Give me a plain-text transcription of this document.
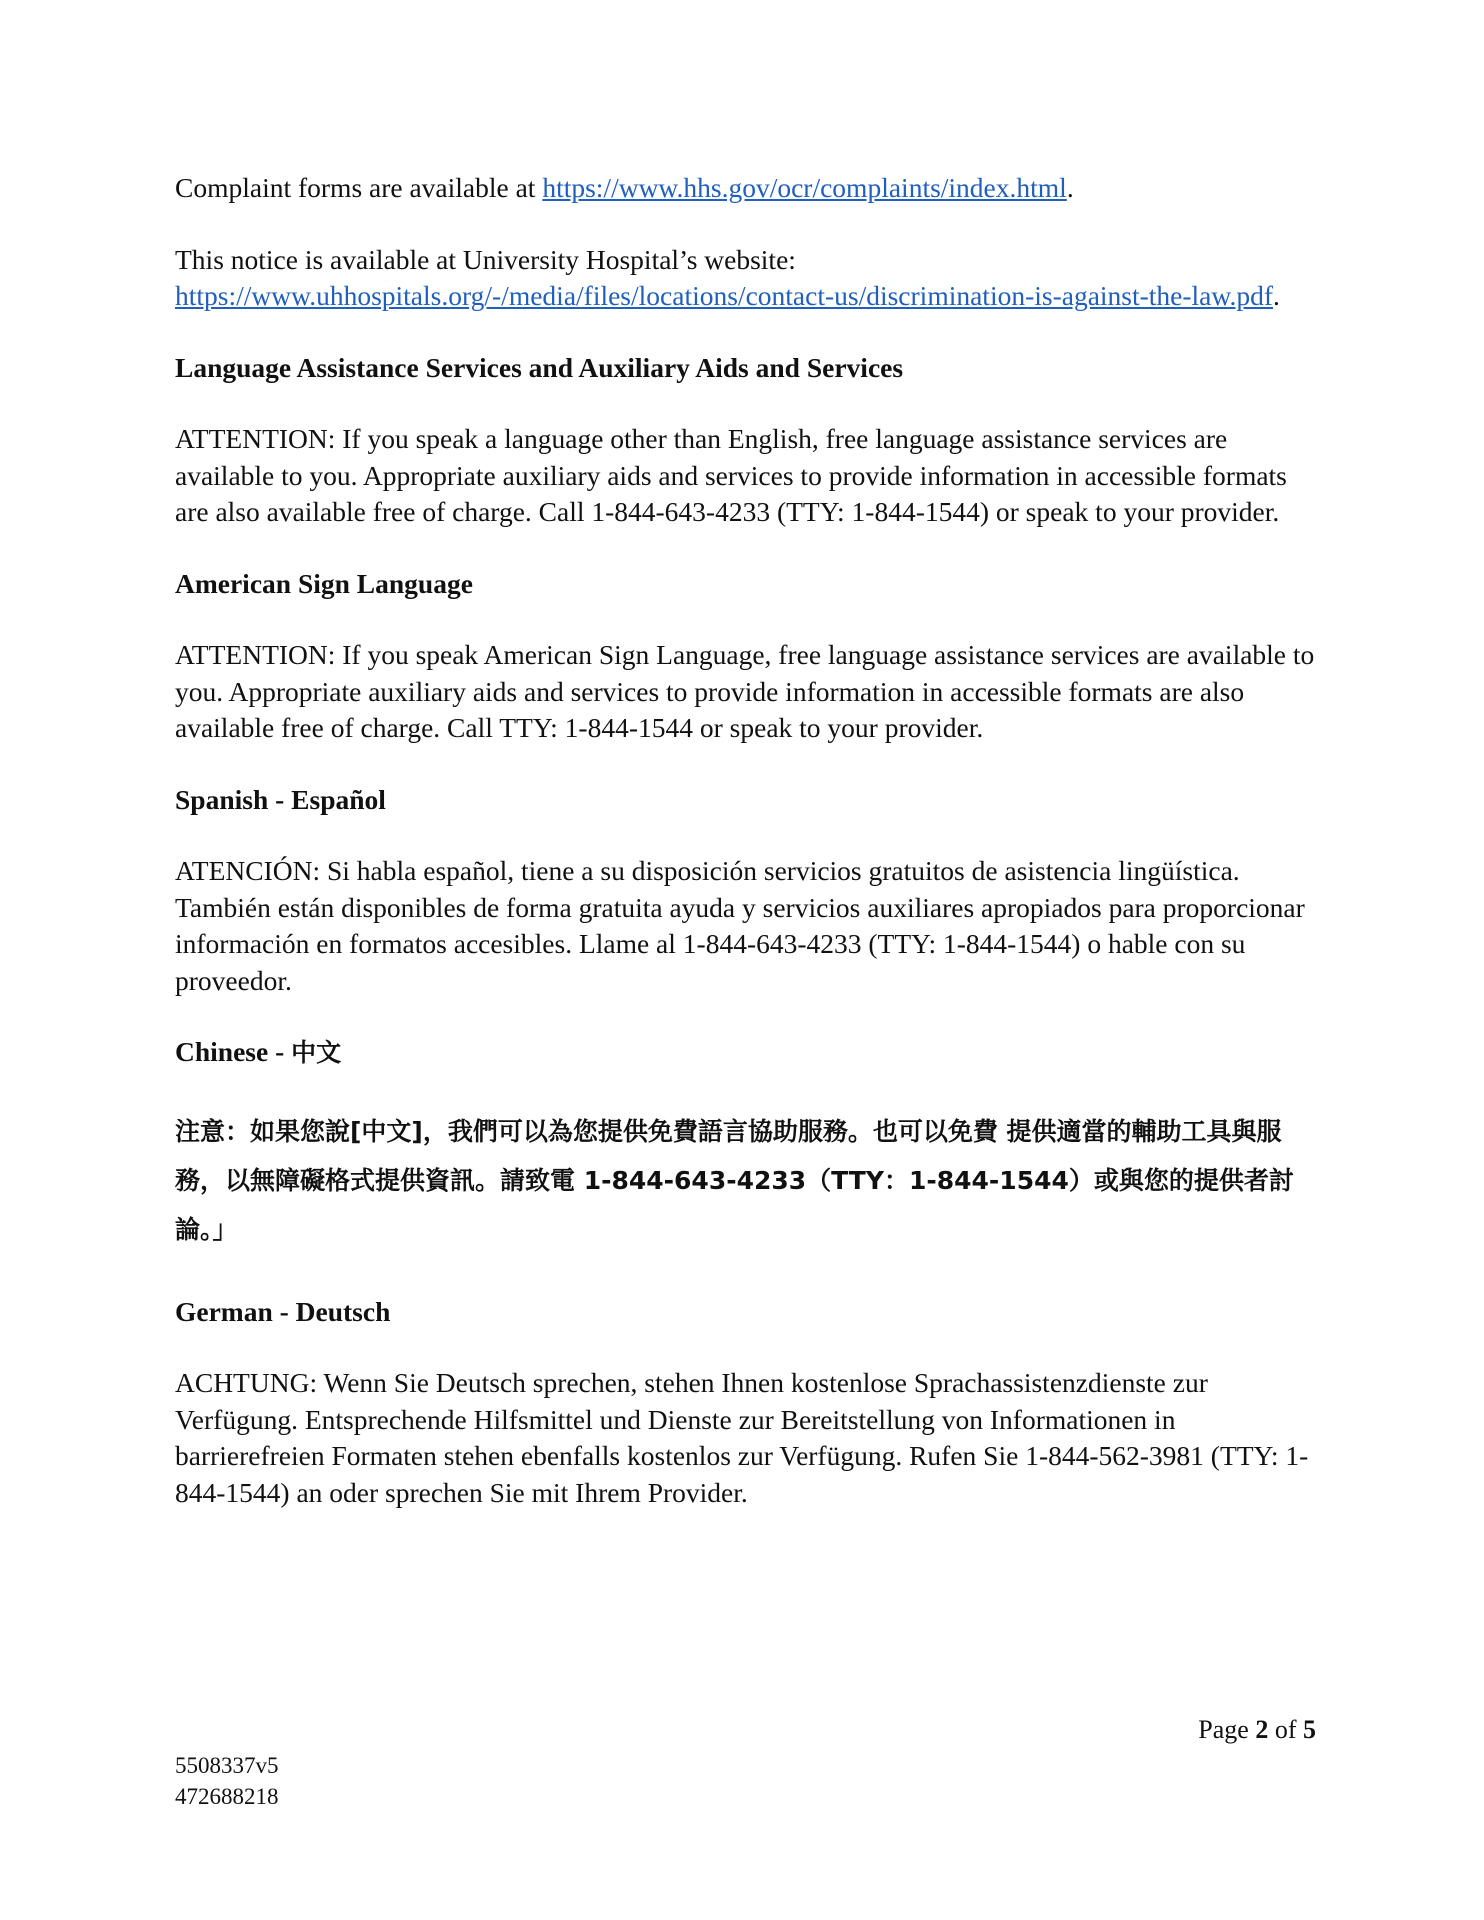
Complaint forms are available at https://www.hhs.gov/ocr/complaints/index.html.

This notice is available at University Hospital’s website: https://www.uhhospitals.org/-/media/files/locations/contact-us/discrimination-is-against-the-law.pdf.

Language Assistance Services and Auxiliary Aids and Services

ATTENTION: If you speak a language other than English, free language assistance services are available to you. Appropriate auxiliary aids and services to provide information in accessible formats are also available free of charge. Call 1-844-643-4233 (TTY: 1-844-1544) or speak to your provider.

American Sign Language

ATTENTION: If you speak American Sign Language, free language assistance services are available to you. Appropriate auxiliary aids and services to provide information in accessible formats are also available free of charge. Call TTY: 1-844-1544 or speak to your provider.

Spanish - Español

ATENCIÓN: Si habla español, tiene a su disposición servicios gratuitos de asistencia lingüística. También están disponibles de forma gratuita ayuda y servicios auxiliares apropiados para proporcionar información en formatos accesibles. Llame al 1-844-643-4233 (TTY: 1-844-1544) o hable con su proveedor.

Chinese - 中文

注意：如果您說[中文]，我們可以為您提供免費語言協助服務。也可以免費 提供適當的輔助工具與服務，以無障礙格式提供資訊。請致電 1-844-643-4233（TTY：1-844-1544）或與您的提供者討論。」

German - Deutsch

ACHTUNG: Wenn Sie Deutsch sprechen, stehen Ihnen kostenlose Sprachassistenzdienste zur Verfügung. Entsprechende Hilfsmittel und Dienste zur Bereitstellung von Informationen in barrierefreien Formaten stehen ebenfalls kostenlos zur Verfügung. Rufen Sie 1-844-562-3981 (TTY: 1-844-1544) an oder sprechen Sie mit Ihrem Provider.

Page 2 of 5
5508337v5
472688218
